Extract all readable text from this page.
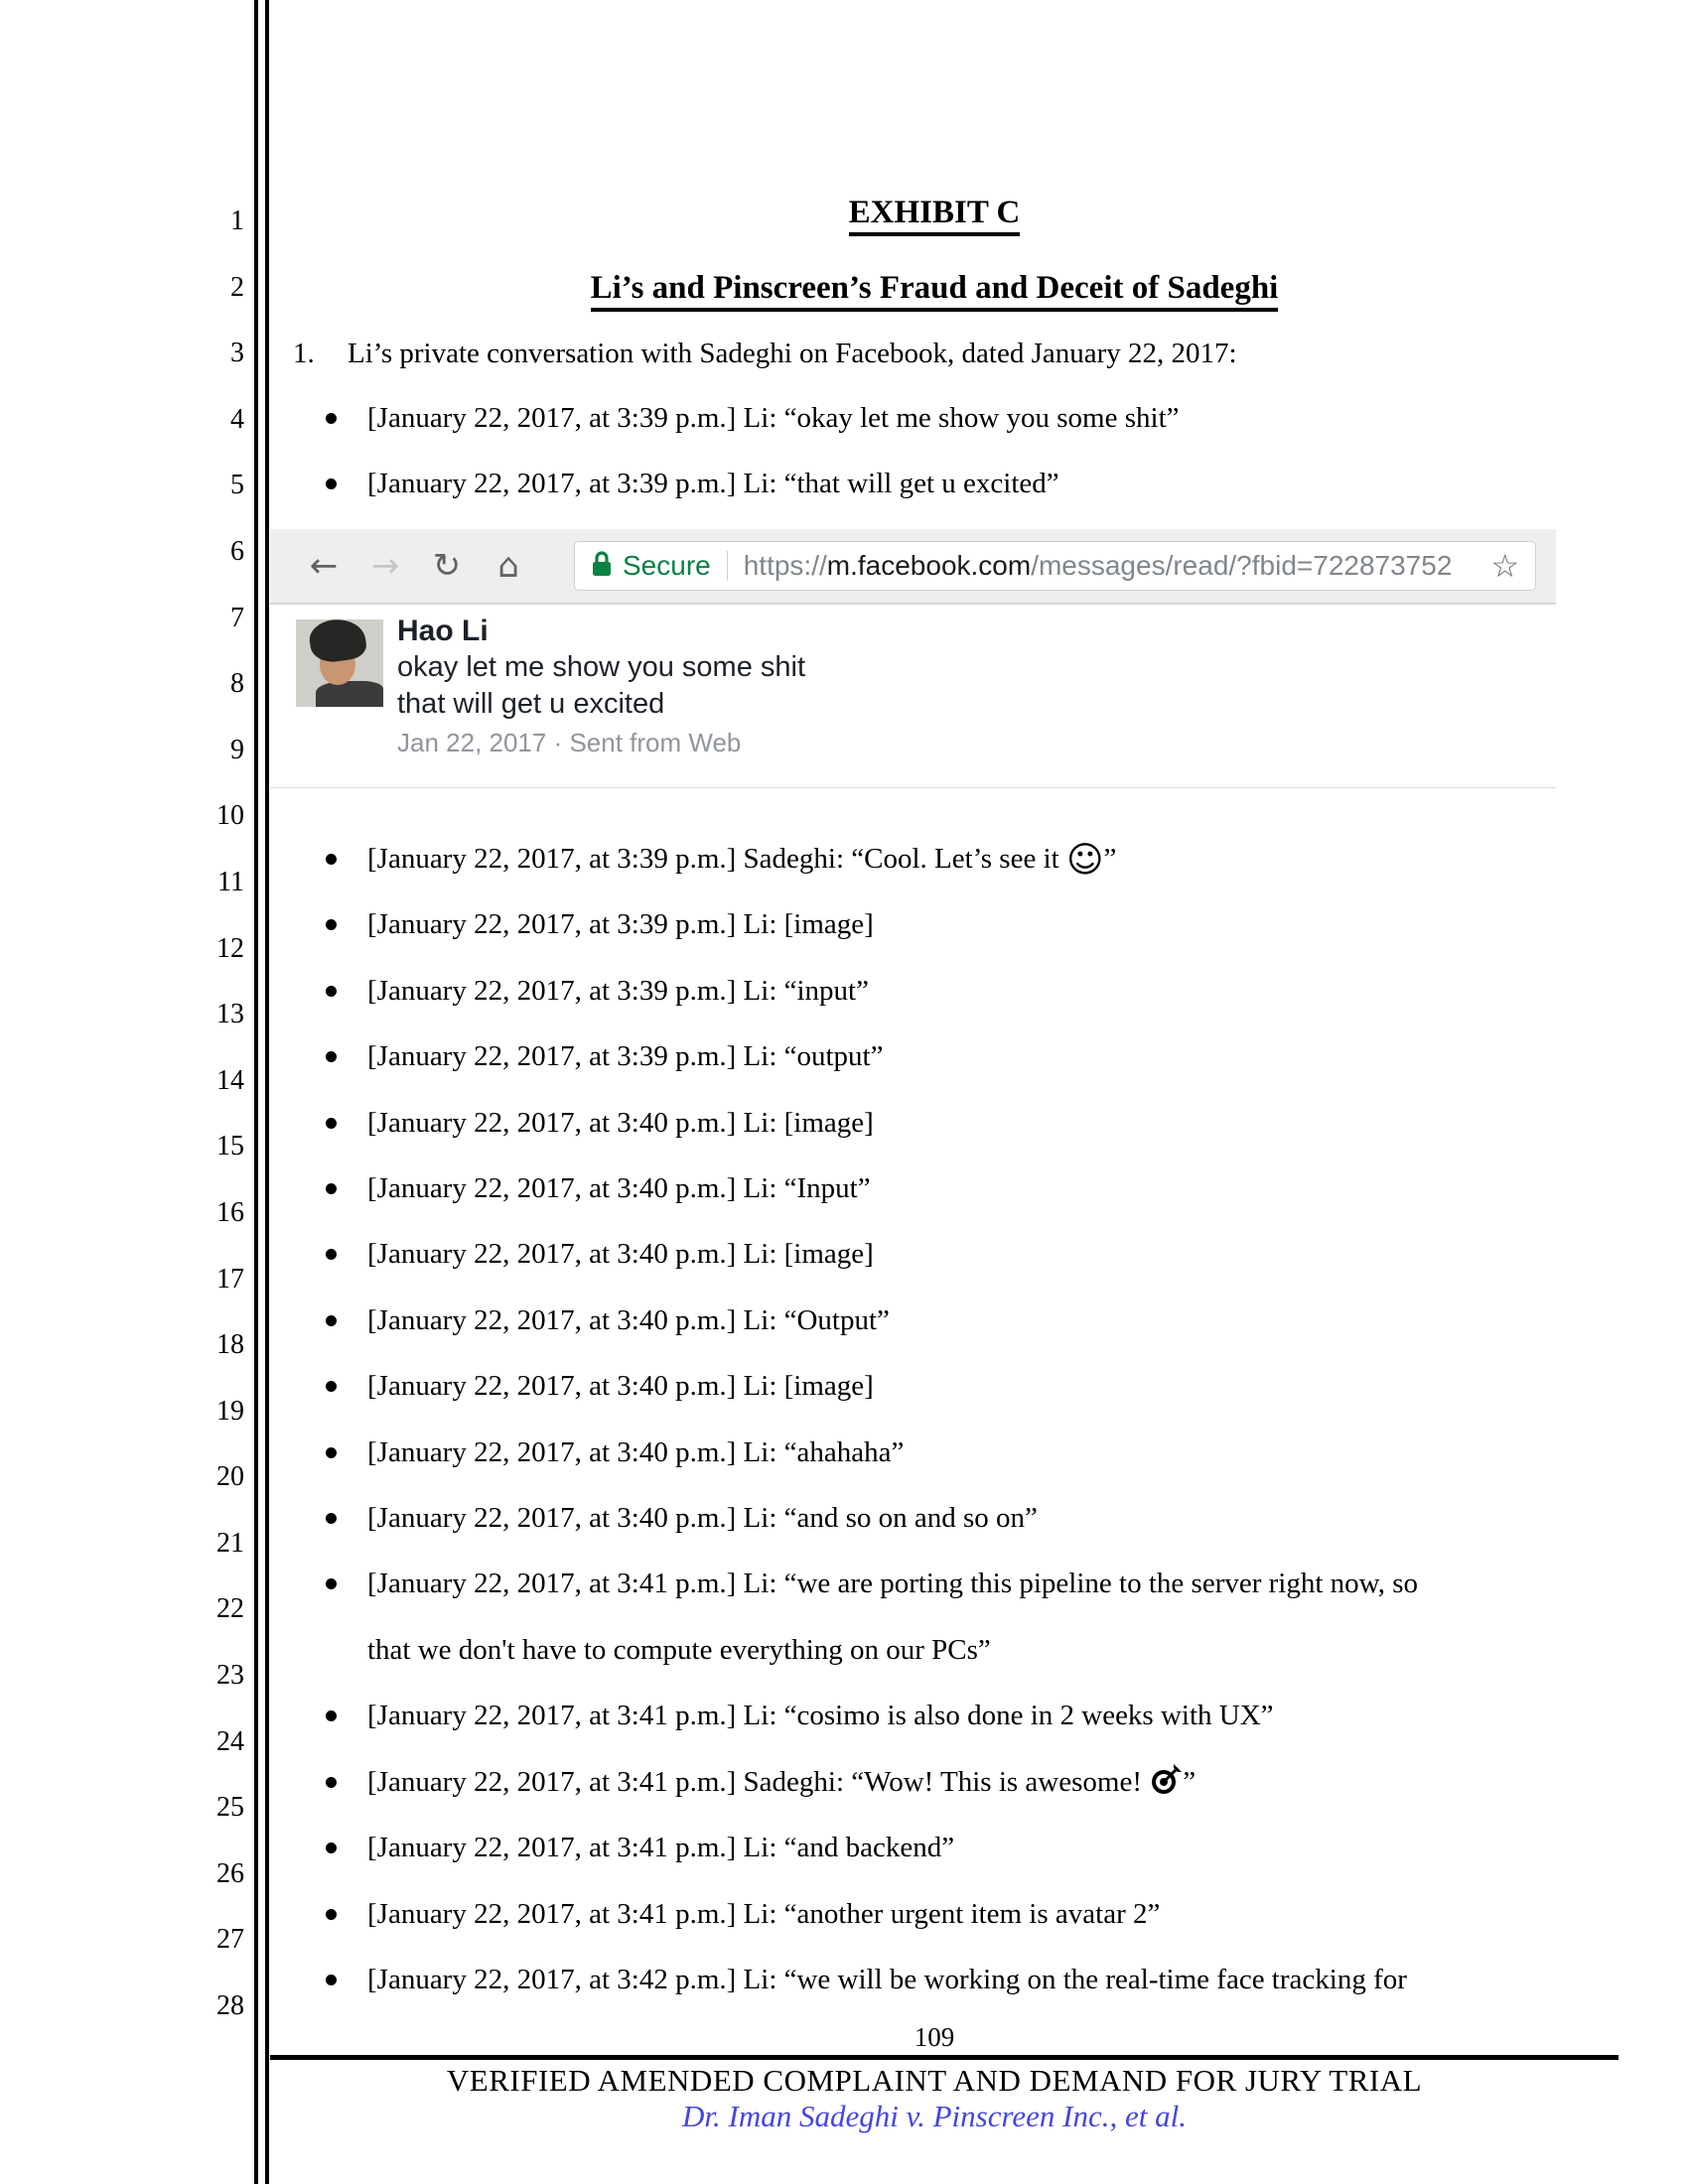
1
2
3
4
5
6
7
8
9
10
11
12
13
14
15
16
17
18
19
20
21
22
23
24
25
26
27
28
EXHIBIT C
Li’s and Pinscreen’s Fraud and Deceit of Sadeghi
1.	Li’s private conversation with Sadeghi on Facebook, dated January 22, 2017:
[January 22, 2017, at 3:39 p.m.] Li: “okay let me show you some shit”
[January 22, 2017, at 3:39 p.m.] Li: “that will get u excited”
← → ↻ ⌂	Secure https://m.facebook.com/messages/read/?fbid=722873752 ☆
Hao Li
okay let me show you some shit
that will get u excited
Jan 22, 2017 · Sent from Web
[January 22, 2017, at 3:39 p.m.] Sadeghi: “Cool. Let’s see it ☺”
[January 22, 2017, at 3:39 p.m.] Li: [image]
[January 22, 2017, at 3:39 p.m.] Li: “input”
[January 22, 2017, at 3:39 p.m.] Li: “output”
[January 22, 2017, at 3:40 p.m.] Li: [image]
[January 22, 2017, at 3:40 p.m.] Li: “Input”
[January 22, 2017, at 3:40 p.m.] Li: [image]
[January 22, 2017, at 3:40 p.m.] Li: “Output”
[January 22, 2017, at 3:40 p.m.] Li: [image]
[January 22, 2017, at 3:40 p.m.] Li: “ahahaha”
[January 22, 2017, at 3:40 p.m.] Li: “and so on and so on”
[January 22, 2017, at 3:41 p.m.] Li: “we are porting this pipeline to the server right now, so
that we don't have to compute everything on our PCs”
[January 22, 2017, at 3:41 p.m.] Li: “cosimo is also done in 2 weeks with UX”
[January 22, 2017, at 3:41 p.m.] Sadeghi: “Wow! This is awesome! ”
[January 22, 2017, at 3:41 p.m.] Li: “and backend”
[January 22, 2017, at 3:41 p.m.] Li: “another urgent item is avatar 2”
[January 22, 2017, at 3:42 p.m.] Li: “we will be working on the real-time face tracking for
109
VERIFIED AMENDED COMPLAINT AND DEMAND FOR JURY TRIAL
Dr. Iman Sadeghi v. Pinscreen Inc., et al.
